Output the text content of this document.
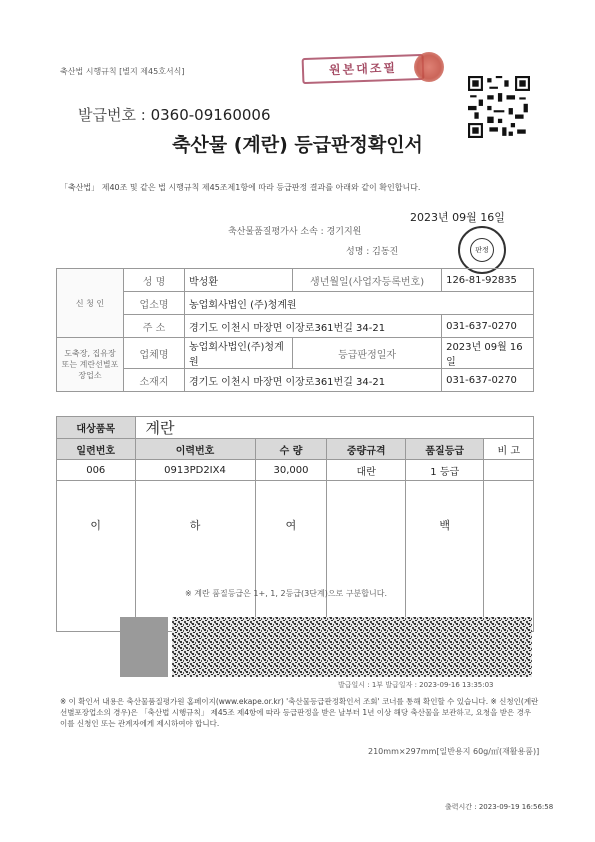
축산법 시행규칙 [별지 제45호서식]	원본대조필
발급번호 : 0360-09160006
축산물 (계란) 등급판정확인서
「축산법」 제40조 및 같은 법 시행규칙 제45조제1항에 따라 등급판정 결과를 아래와 같이 확인합니다.
2023년 09월 16일
축산물품질평가사 소속 : 경기지원
성명 : 김동진	판정
신 청 인	성 명	박성환	생년월일(사업자등록번호)	126-81-92835
	업소명	농업회사법인 (주)청계원		
	주 소	경기도 이천시 마장면 이장로361번길 34-21		031-637-0270
도축장, 집유장 또는 계란선별포장업소	업체명	농업회사법인(주)청계원	등급판정일자	2023년 09월 16일
	소재지	경기도 이천시 마장면 이장로361번길 34-21		031-637-0270
대상품목	계란				
일련번호	이력번호	수 량	중량규격	품질등급	비 고
006	0913PD2IX4	30,000	대란	1 등급	

이	하	여		백	

※ 계란 품질등급은 1+, 1, 2등급(3단계)으로 구분합니다.
발급일시 : 1부 발급일자 : 2023-09-16 13:35:03
※ 이 확인서 내용은 축산물품질평가원 홈페이지(www.ekape.or.kr) '축산물등급판정확인서 조회' 코너를 통해 확인할 수 있습니다. ※ 신청인(계란선별포장업소의 경우)은 「축산법 시행규칙」 제45조 제4항에 따라 등급판정을 받은 날부터 1년 이상 해당 축산물을 보관하고, 요청을 받은 경우 이를 신청인 또는 관계자에게 제시하여야 합니다.
210mm×297mm[일반용지 60g/㎡(재활용품)]
출력시간 : 2023-09-19 16:56:58
